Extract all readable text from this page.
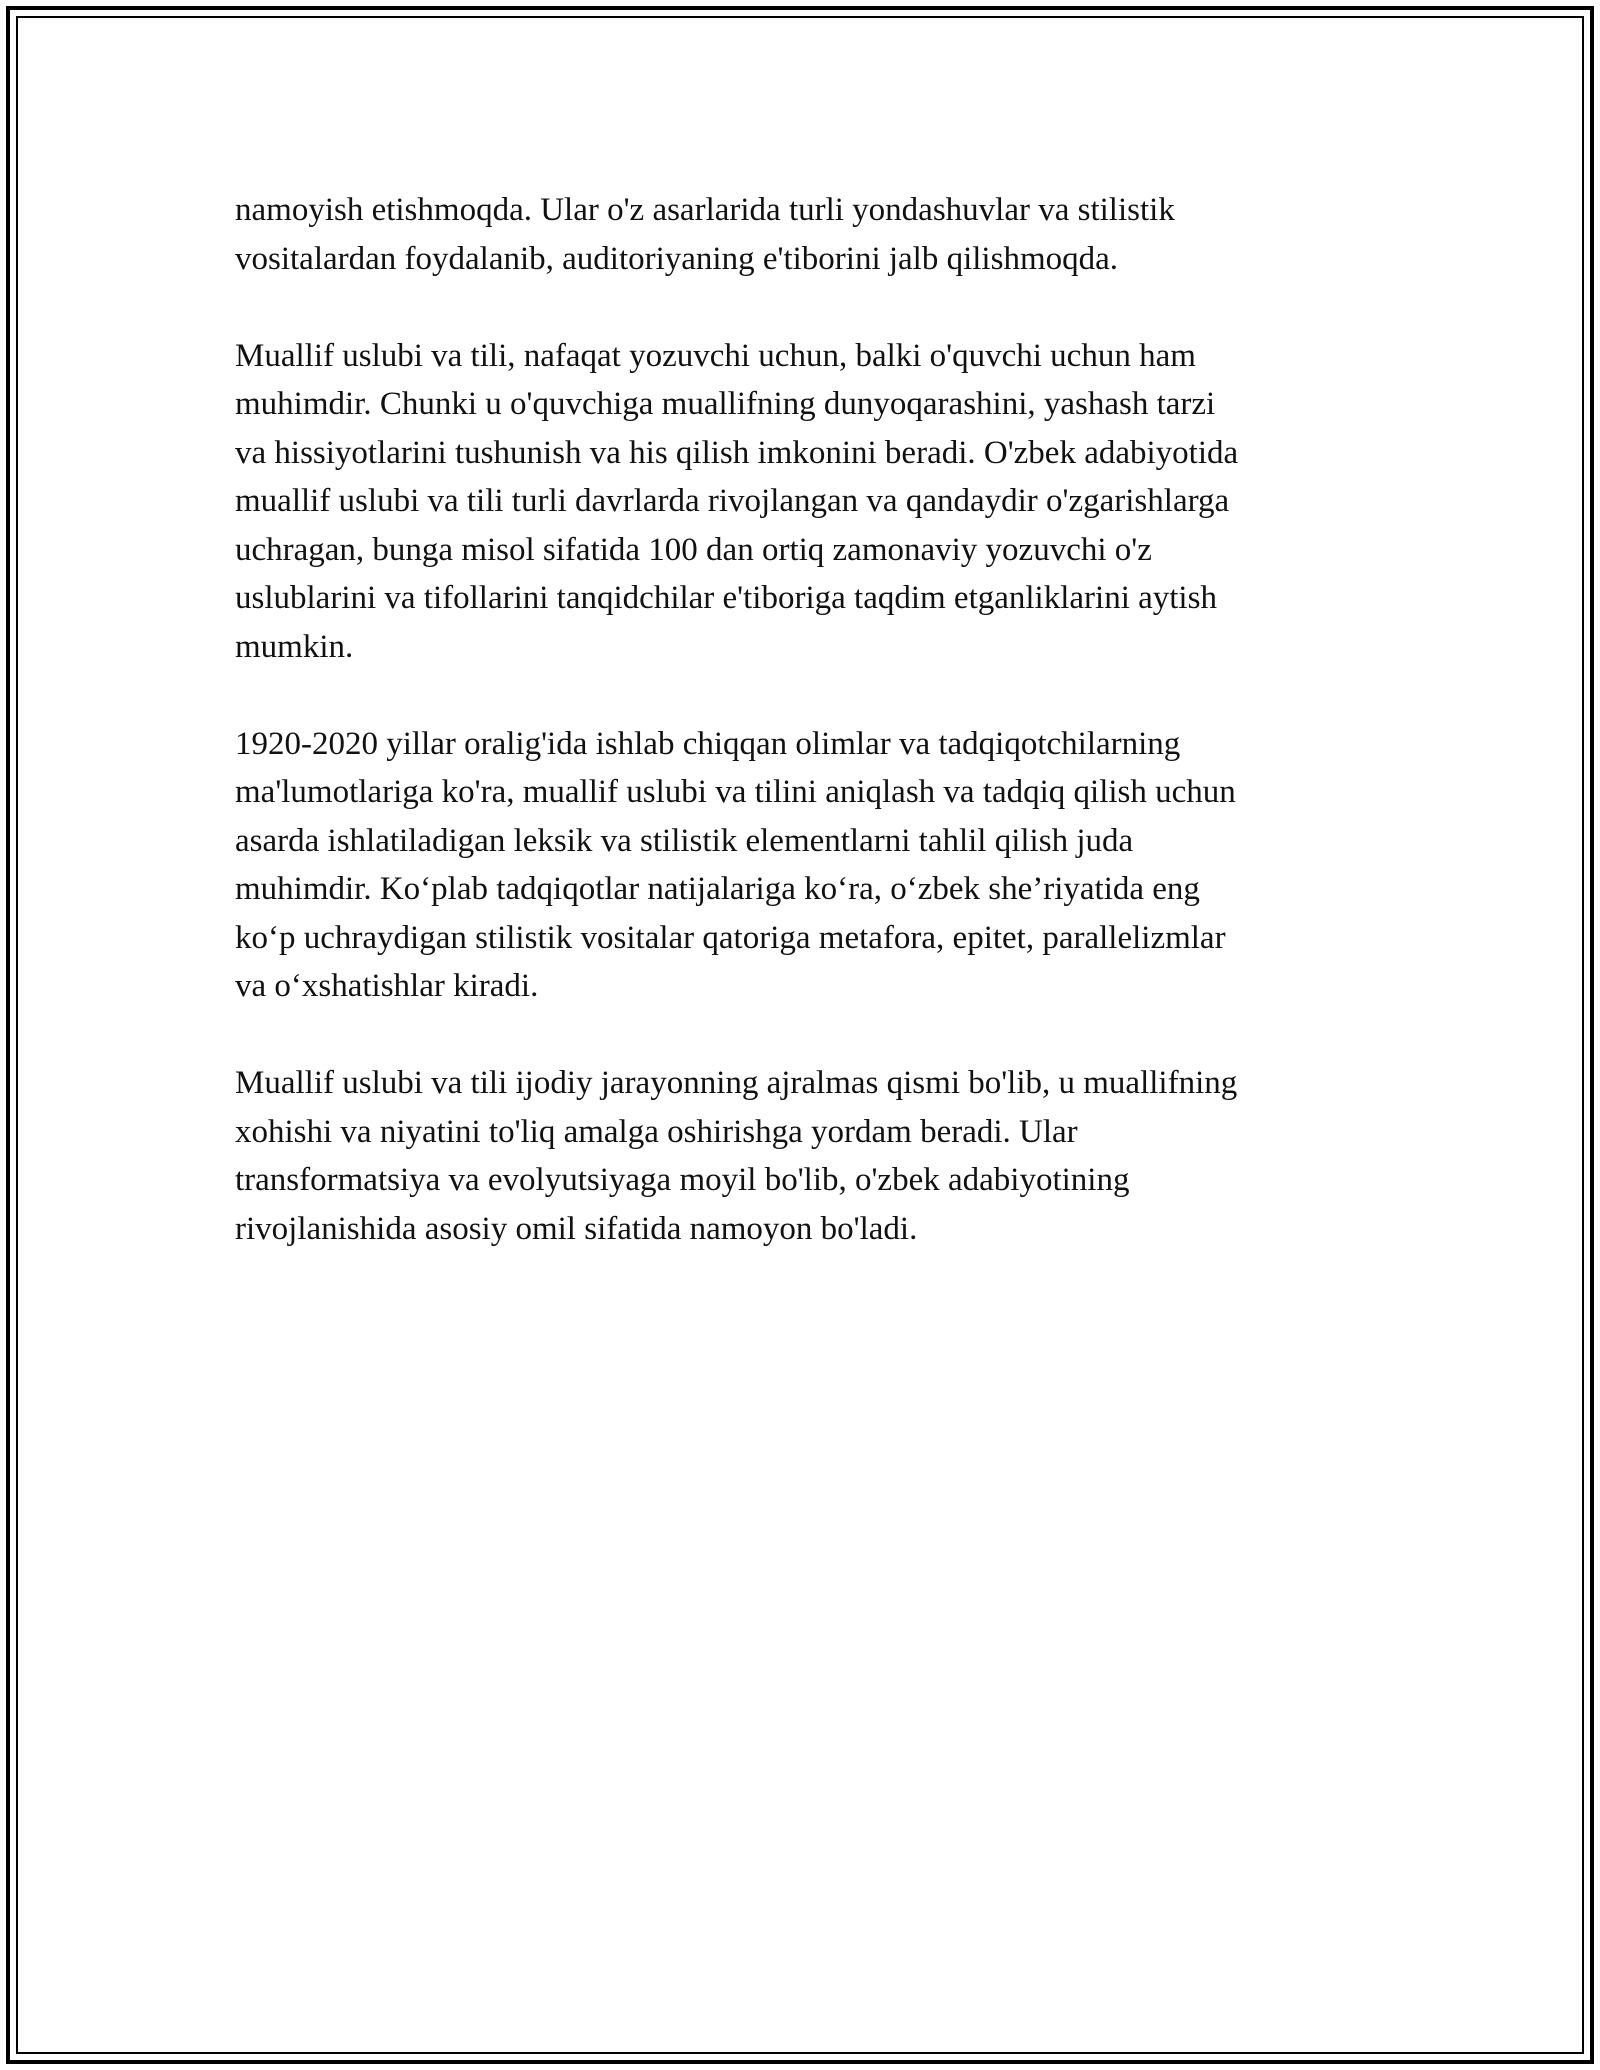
namoyish etishmoqda. Ular o'z asarlarida turli yondashuvlar va stilistik
vositalardan foydalanib, auditoriyaning e'tiborini jalb qilishmoqda.

Muallif uslubi va tili, nafaqat yozuvchi uchun, balki o'quvchi uchun ham
muhimdir. Chunki u o'quvchiga muallifning dunyoqarashini, yashash tarzi
va hissiyotlarini tushunish va his qilish imkonini beradi. O'zbek adabiyotida
muallif uslubi va tili turli davrlarda rivojlangan va qandaydir o'zgarishlarga
uchragan, bunga misol sifatida 100 dan ortiq zamonaviy yozuvchi o'z
uslublarini va tifollarini tanqidchilar e'tiboriga taqdim etganliklarini aytish
mumkin.

1920-2020 yillar oralig'ida ishlab chiqqan olimlar va tadqiqotchilarning
ma'lumotlariga ko'ra, muallif uslubi va tilini aniqlash va tadqiq qilish uchun
asarda ishlatiladigan leksik va stilistik elementlarni tahlil qilish juda
muhimdir. Ko‘plab tadqiqotlar natijalariga ko‘ra, o‘zbek she’riyatida eng
ko‘p uchraydigan stilistik vositalar qatoriga metafora, epitet, parallelizmlar
va o‘xshatishlar kiradi.

Muallif uslubi va tili ijodiy jarayonning ajralmas qismi bo'lib, u muallifning
xohishi va niyatini to'liq amalga oshirishga yordam beradi. Ular
transformatsiya va evolyutsiyaga moyil bo'lib, o'zbek adabiyotining
rivojlanishida asosiy omil sifatida namoyon bo'ladi.
